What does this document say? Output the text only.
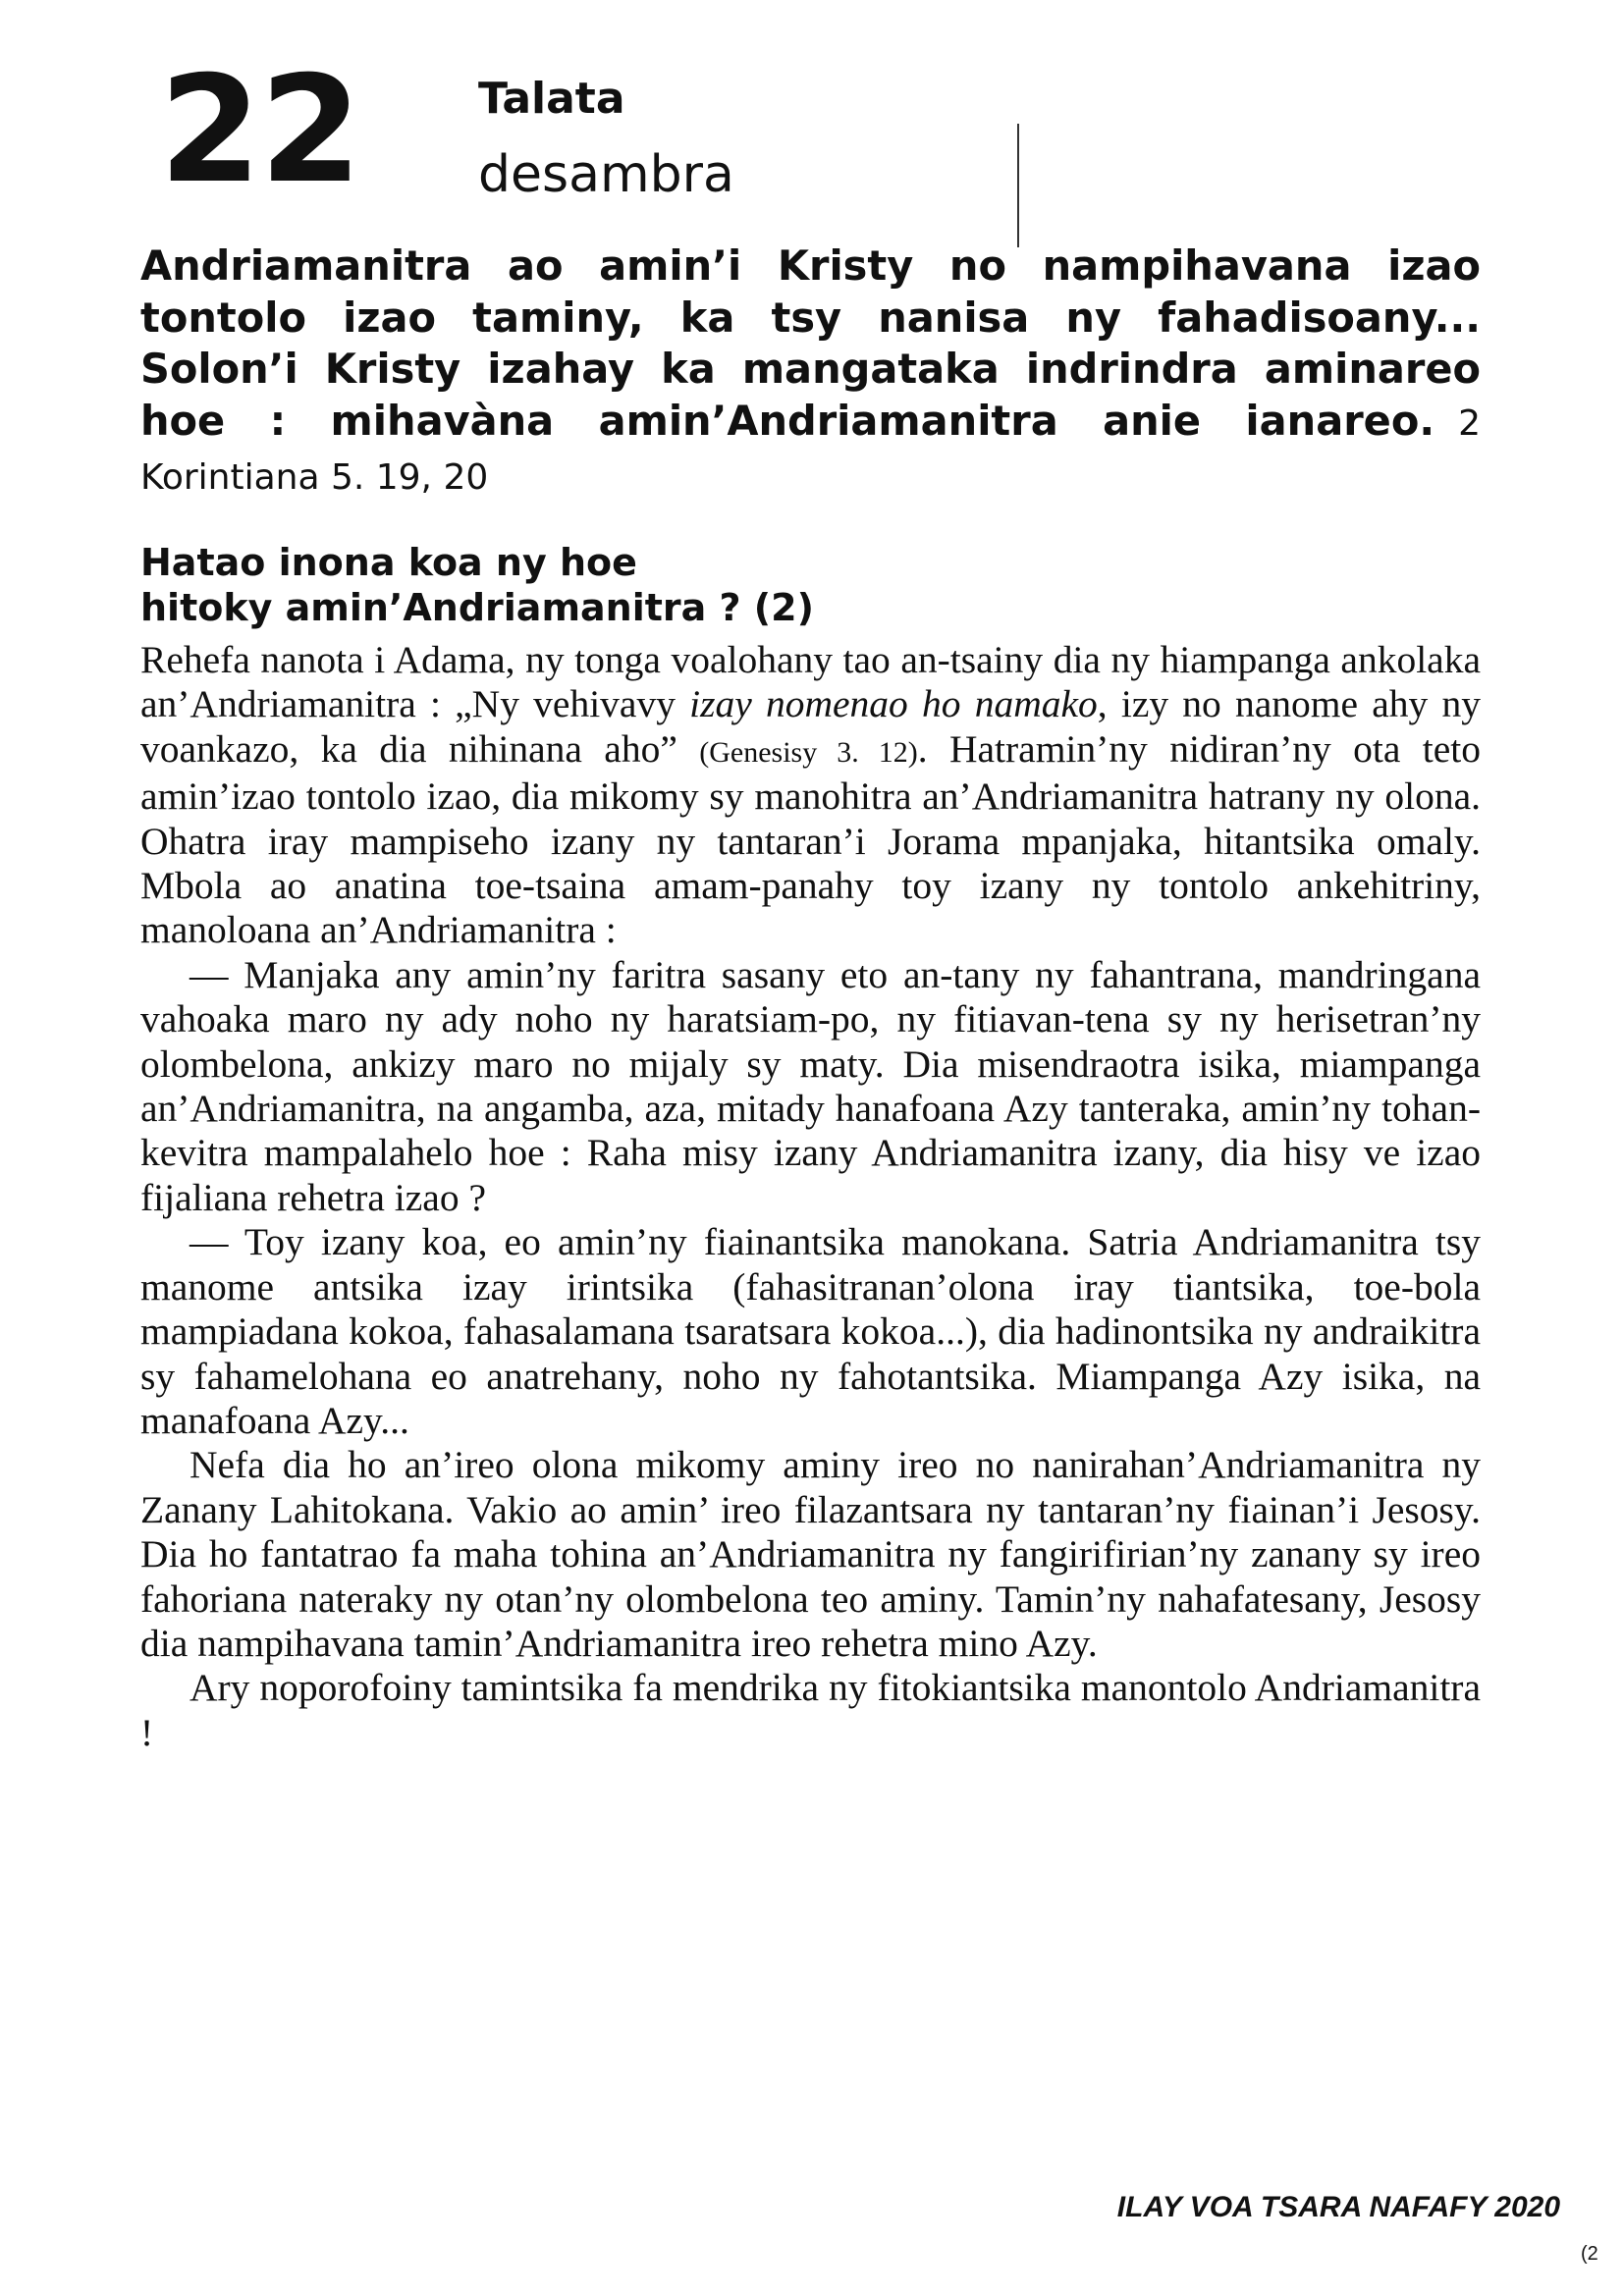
22	Talata
desambra
Andriamanitra ao amin’i Kristy no nampihavana izao tontolo izao taminy, ka tsy nanisa ny fahadisoany... Solon’i Kristy izahay ka mangataka indrindra aminareo hoe : mihavàna amin’Andriamanitra anie ianareo. 2 Korintiana 5. 19, 20
Hatao inona koa ny hoe
hitoky amin’Andriamanitra ? (2)

Rehefa nanota i Adama, ny tonga voalohany tao an-tsainy dia ny hiampanga ankolaka an’Andriamanitra : „Ny vehivavy izay nomenao ho namako, izy no nanome ahy ny voankazo, ka dia nihinana aho” (Genesisy 3. 12). Hatramin’ny nidiran’ny ota teto amin’izao tontolo izao, dia mikomy sy manohitra an’Andriamanitra hatrany ny olona. Ohatra iray mampiseho izany ny tantaran’i Jorama mpanjaka, hitantsika omaly. Mbola ao anatina toe-tsaina amam-panahy toy izany ny tontolo ankehitriny, manoloana an’Andriamanitra :

— Manjaka any amin’ny faritra sasany eto an-tany ny fahantrana, mandringana vahoaka maro ny ady noho ny haratsiam-po, ny fitiavan-tena sy ny herisetran’ny olombelona, ankizy maro no mijaly sy maty. Dia misendraotra isika, miampanga an’Andriamanitra, na angamba, aza, mitady hanafoana Azy tanteraka, amin’ny tohan-kevitra mampalahelo hoe : Raha misy izany Andriamanitra izany, dia hisy ve izao fijaliana rehetra izao ?

— Toy izany koa, eo amin’ny fiainantsika manokana. Satria Andriamanitra tsy manome antsika izay irintsika (fahasitranan’olona iray tiantsika, toe-bola mampiadana kokoa, fahasalamana tsaratsara kokoa...), dia hadinontsika ny andraikitra sy fahamelohana eo anatrehany, noho ny fahotantsika. Miampanga Azy isika, na manafoana Azy...

Nefa dia ho an’ireo olona mikomy aminy ireo no nanirahan’Andriamanitra ny Zanany Lahitokana. Vakio ao amin’ ireo filazantsara ny tantaran’ny fiainan’i Jesosy. Dia ho fantatrao fa maha tohina an’Andriamanitra ny fangirifirian’ny zanany sy ireo fahoriana nateraky ny otan’ny olombelona teo aminy. Tamin’ny nahafatesany, Jesosy dia nampihavana tamin’Andriamanitra ireo rehetra mino Azy.

Ary noporofoiny tamintsika fa mendrika ny fitokiantsika manontolo Andriamanitra !

ILAY VOA TSARA NAFAFY 2020
(2
